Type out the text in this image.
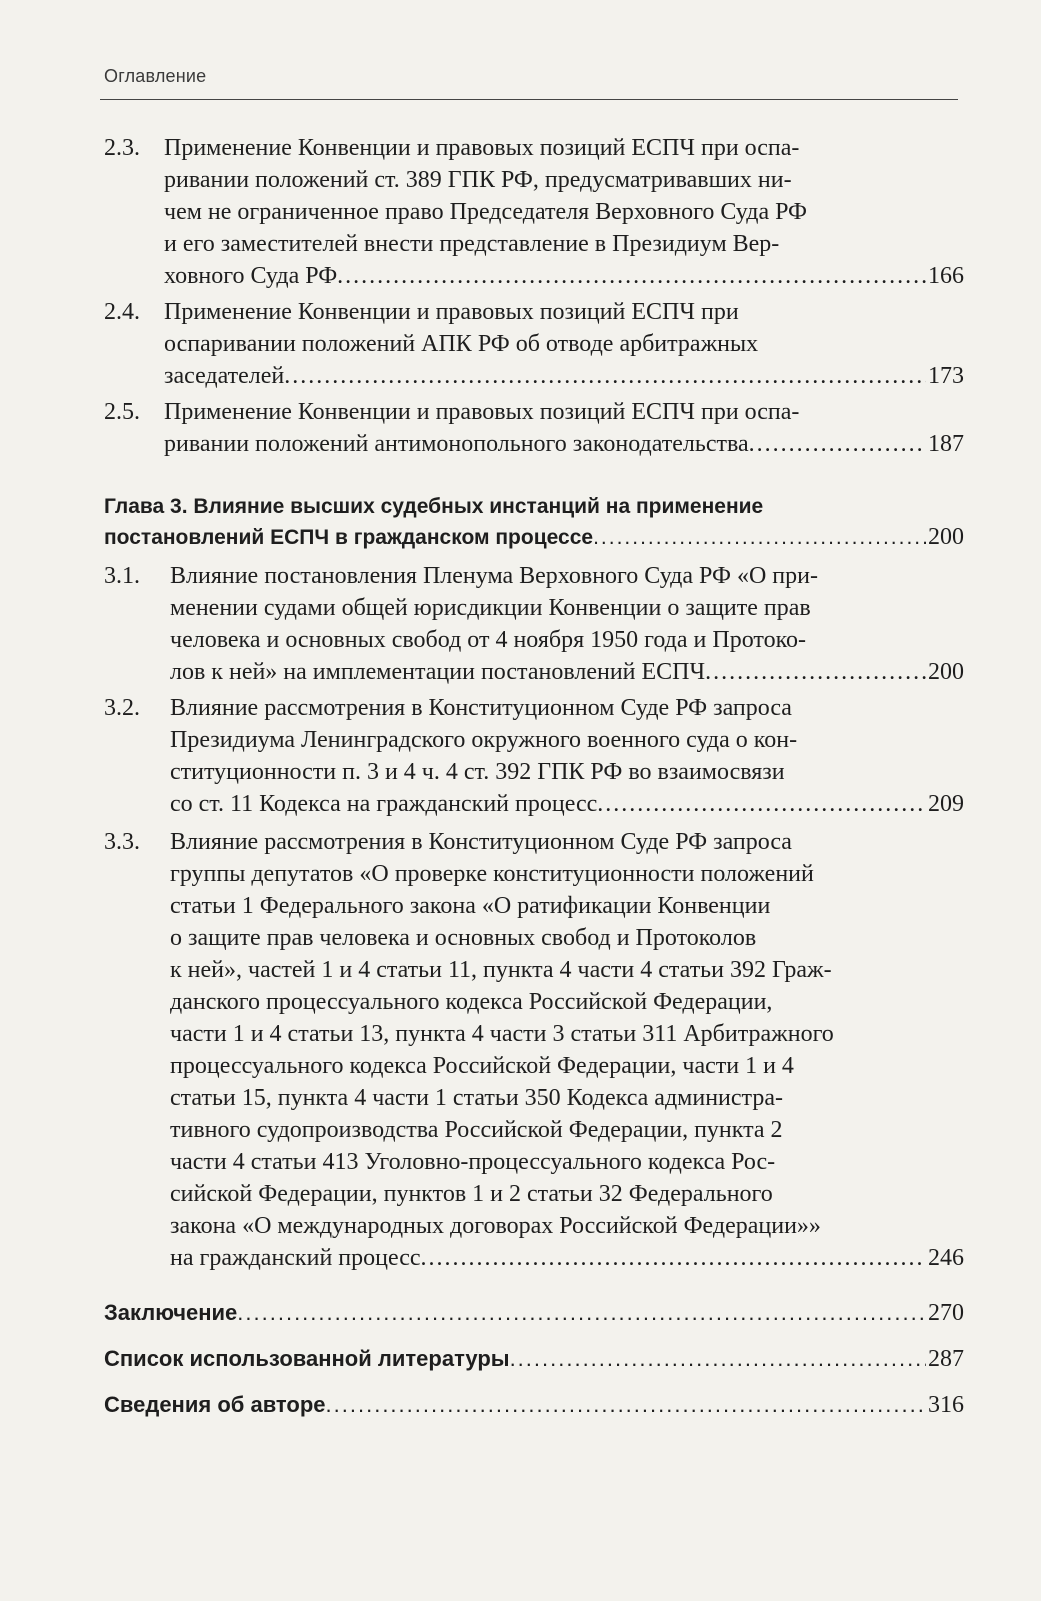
Оглавление
2.3. Применение Конвенции и правовых позиций ЕСПЧ при оспа-
ривании положений ст. 389 ГПК РФ, предусматривавших ни-
чем не ограниченное право Председателя Верховного Суда РФ
и его заместителей внести представление в Президиум Вер-
ховного Суда РФ .....	166
2.4. Применение Конвенции и правовых позиций ЕСПЧ при
оспаривании положений АПК РФ об отводе арбитражных
заседателей .....	173
2.5. Применение Конвенции и правовых позиций ЕСПЧ при оспа-
ривании положений антимонопольного законодательства .....	187
Глава 3. Влияние высших судебных инстанций на применение
постановлений ЕСПЧ в гражданском процессе .....	200
3.1. Влияние постановления Пленума Верховного Суда РФ «О при-
менении судами общей юрисдикции Конвенции о защите прав
человека и основных свобод от 4 ноября 1950 года и Протоко-
лов к ней» на имплементации постановлений ЕСПЧ .....	200
3.2. Влияние рассмотрения в Конституционном Суде РФ запроса
Президиума Ленинградского окружного военного суда о кон-
ституционности п. 3 и 4 ч. 4 ст. 392 ГПК РФ во взаимосвязи
со ст. 11 Кодекса на гражданский процесс .....	209
3.3. Влияние рассмотрения в Конституционном Суде РФ запроса
группы депутатов «О проверке конституционности положений
статьи 1 Федерального закона «О ратификации Конвенции
о защите прав человека и основных свобод и Протоколов
к ней», частей 1 и 4 статьи 11, пункта 4 части 4 статьи 392 Граж-
данского процессуального кодекса Российской Федерации,
части 1 и 4 статьи 13, пункта 4 части 3 статьи 311 Арбитражного
процессуального кодекса Российской Федерации, части 1 и 4
статьи 15, пункта 4 части 1 статьи 350 Кодекса администра-
тивного судопроизводства Российской Федерации, пункта 2
части 4 статьи 413 Уголовно-процессуального кодекса Рос-
сийской Федерации, пунктов 1 и 2 статьи 32 Федерального
закона «О международных договорах Российской Федерации»»
на гражданский процесс .....	246
Заключение .....	270
Список использованной литературы .....	287
Сведения об авторе .....	316
